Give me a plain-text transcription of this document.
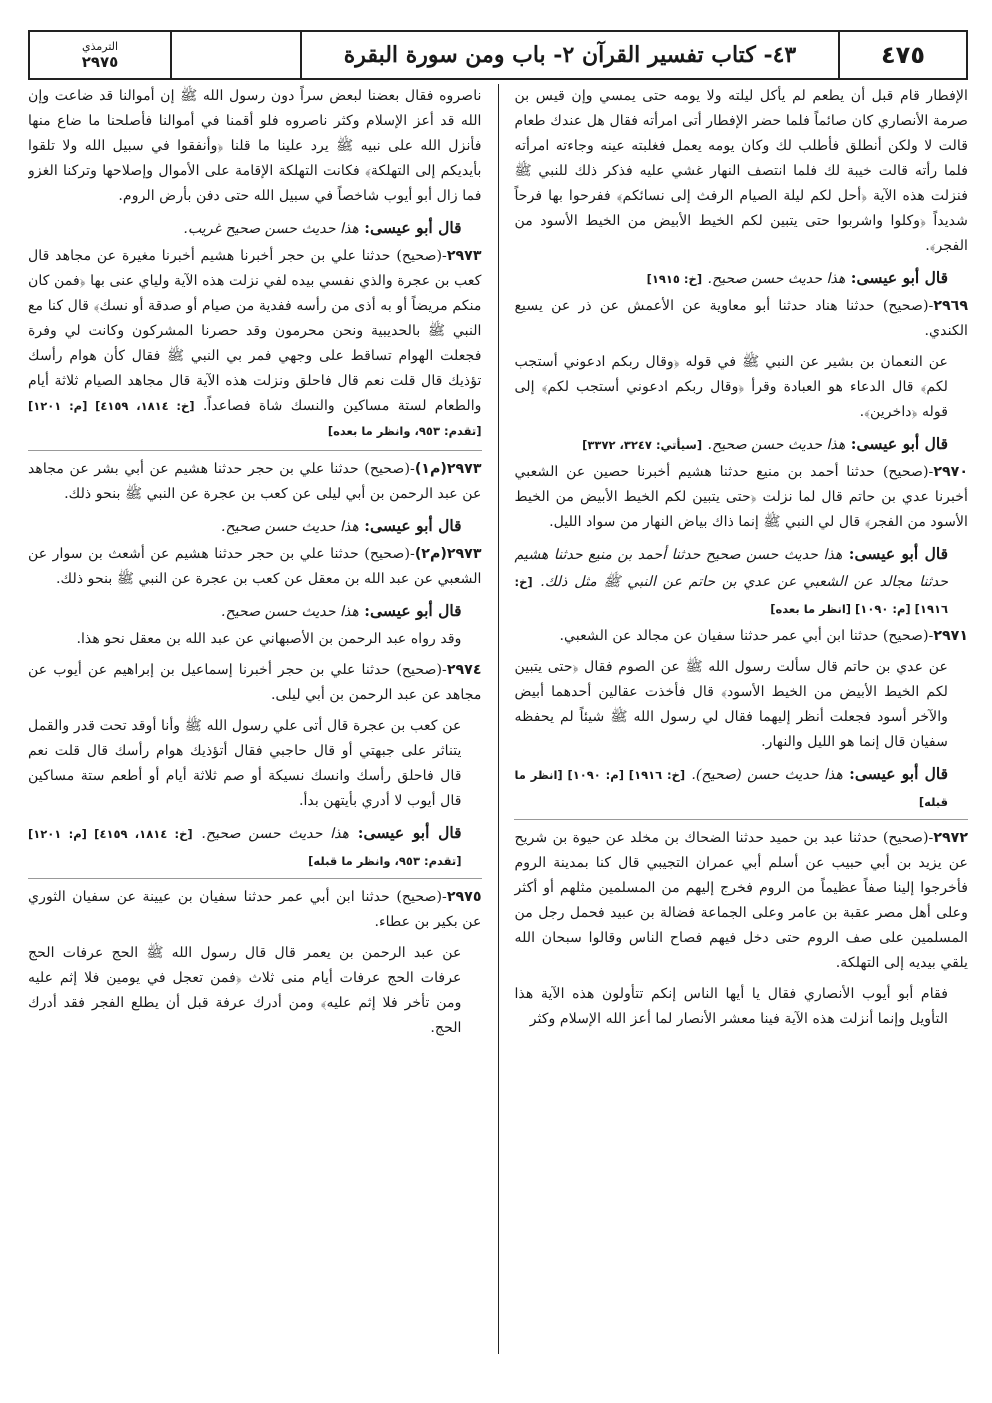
٤٧٥
٤٣- كتاب تفسير القرآن ٢- باب ومن سورة البقرة
الترمذي
٢٩٧٥

الإفطار قام قبل أن يطعم لم يأكل ليلته ولا يومه حتى يمسي وإن قيس بن صرمة الأنصاري كان صائماً فلما حضر الإفطار أتى امرأته فقال هل عندك طعام قالت لا ولكن أنطلق فأطلب لك وكان يومه يعمل فغلبته عينه وجاءته امرأته فلما رأته قالت خيبة لك فلما انتصف النهار غشي عليه فذكر ذلك للنبي ﷺ فنزلت هذه الآية ﴿أحل لكم ليلة الصيام الرفث إلى نسائكم﴾ ففرحوا بها فرحاً شديداً ﴿وكلوا واشربوا حتى يتبين لكم الخيط الأبيض من الخيط الأسود من الفجر﴾.

قال أبو عيسى: هذا حديث حسن صحيح. [خ: ١٩١٥]

٢٩٦٩-(صحيح) حدثنا هناد حدثنا أبو معاوية عن الأعمش عن ذر عن يسيع الكندي.

عن النعمان بن بشير عن النبي ﷺ في قوله ﴿وقال ربكم ادعوني أستجب لكم﴾ قال الدعاء هو العبادة وقرأ ﴿وقال ربكم ادعوني أستجب لكم﴾ إلى قوله ﴿داخرين﴾.

قال أبو عيسى: هذا حديث حسن صحيح. [سيأتي: ٣٢٤٧، ٣٣٧٢]

٢٩٧٠-(صحيح) حدثنا أحمد بن منيع حدثنا هشيم أخبرنا حصين عن الشعبي أخبرنا عدي بن حاتم قال لما نزلت ﴿حتى يتبين لكم الخيط الأبيض من الخيط الأسود من الفجر﴾ قال لي النبي ﷺ إنما ذاك بياض النهار من سواد الليل.

قال أبو عيسى: هذا حديث حسن صحيح حدثنا أحمد بن منيع حدثنا هشيم حدثنا مجالد عن الشعبي عن عدي بن حاتم عن النبي ﷺ مثل ذلك. [خ: ١٩١٦] [م: ١٠٩٠] [انظر ما بعده]

٢٩٧١-(صحيح) حدثنا ابن أبي عمر حدثنا سفيان عن مجالد عن الشعبي.

عن عدي بن حاتم قال سألت رسول الله ﷺ عن الصوم فقال ﴿حتى يتبين لكم الخيط الأبيض من الخيط الأسود﴾ قال فأخذت عقالين أحدهما أبيض والآخر أسود فجعلت أنظر إليهما فقال لي رسول الله ﷺ شيئاً لم يحفظه سفيان قال إنما هو الليل والنهار.

قال أبو عيسى: هذا حديث حسن (صحيح). [خ: ١٩١٦] [م: ١٠٩٠] [انظر ما قبله]

٢٩٧٢-(صحيح) حدثنا عبد بن حميد حدثنا الضحاك بن مخلد عن حيوة بن شريح عن يزيد بن أبي حبيب عن أسلم أبي عمران التجيبي قال كنا بمدينة الروم فأخرجوا إلينا صفاً عظيماً من الروم فخرج إليهم من المسلمين مثلهم أو أكثر وعلى أهل مصر عقبة بن عامر وعلى الجماعة فضالة بن عبيد فحمل رجل من المسلمين على صف الروم حتى دخل فيهم فصاح الناس وقالوا سبحان الله يلقي بيديه إلى التهلكة.

فقام أبو أيوب الأنصاري فقال يا أيها الناس إنكم تتأولون هذه الآية هذا التأويل وإنما أنزلت هذه الآية فينا معشر الأنصار لما أعز الله الإسلام وكثر

ناصروه فقال بعضنا لبعض سراً دون رسول الله ﷺ إن أموالنا قد ضاعت وإن الله قد أعز الإسلام وكثر ناصروه فلو أقمنا في أموالنا فأصلحنا ما ضاع منها فأنزل الله على نبيه ﷺ يرد علينا ما قلنا ﴿وأنفقوا في سبيل الله ولا تلقوا بأيديكم إلى التهلكة﴾ فكانت التهلكة الإقامة على الأموال وإصلاحها وتركنا الغزو فما زال أبو أيوب شاخصاً في سبيل الله حتى دفن بأرض الروم.

قال أبو عيسى: هذا حديث حسن صحيح غريب.

٢٩٧٣-(صحيح) حدثنا علي بن حجر أخبرنا هشيم أخبرنا مغيرة عن مجاهد قال كعب بن عجرة والذي نفسي بيده لفي نزلت هذه الآية ولياي عنى بها ﴿فمن كان منكم مريضاً أو به أذى من رأسه ففدية من صيام أو صدقة أو نسك﴾ قال كنا مع النبي ﷺ بالحديبية ونحن محرمون وقد حصرنا المشركون وكانت لي وفرة فجعلت الهوام تساقط على وجهي فمر بي النبي ﷺ فقال كأن هوام رأسك تؤذيك قال قلت نعم قال فاحلق ونزلت هذه الآية قال مجاهد الصيام ثلاثة أيام والطعام لستة مساكين والنسك شاة فصاعداً. [خ: ١٨١٤، ٤١٥٩] [م: ١٢٠١] [تقدم: ٩٥٣، وانظر ما بعده]

٢٩٧٣(م١)-(صحيح) حدثنا علي بن حجر حدثنا هشيم عن أبي بشر عن مجاهد عن عبد الرحمن بن أبي ليلى عن كعب بن عجرة عن النبي ﷺ بنحو ذلك.

قال أبو عيسى: هذا حديث حسن صحيح.

٢٩٧٣(م٢)-(صحيح) حدثنا علي بن حجر حدثنا هشيم عن أشعث بن سوار عن الشعبي عن عبد الله بن معقل عن كعب بن عجرة عن النبي ﷺ بنحو ذلك.

قال أبو عيسى: هذا حديث حسن صحيح.

وقد رواه عبد الرحمن بن الأصبهاني عن عبد الله بن معقل نحو هذا.

٢٩٧٤-(صحيح) حدثنا علي بن حجر أخبرنا إسماعيل بن إبراهيم عن أيوب عن مجاهد عن عبد الرحمن بن أبي ليلى.

عن كعب بن عجرة قال أتى علي رسول الله ﷺ وأنا أوقد تحت قدر والقمل يتناثر على جبهتي أو قال حاجبي فقال أتؤذيك هوام رأسك قال قلت نعم قال فاحلق رأسك وانسك نسيكة أو صم ثلاثة أيام أو أطعم ستة مساكين قال أيوب لا أدري بأيتهن بدأ.

قال أبو عيسى: هذا حديث حسن صحيح. [خ: ١٨١٤، ٤١٥٩] [م: ١٢٠١] [تقدم: ٩٥٣، وانظر ما قبله]

٢٩٧٥-(صحيح) حدثنا ابن أبي عمر حدثنا سفيان بن عيينة عن سفيان الثوري عن بكير بن عطاء.

عن عبد الرحمن بن يعمر قال قال رسول الله ﷺ الحج عرفات الحج عرفات الحج عرفات أيام منى ثلاث ﴿فمن تعجل في يومين فلا إثم عليه ومن تأخر فلا إثم عليه﴾ ومن أدرك عرفة قبل أن يطلع الفجر فقد أدرك الحج.
